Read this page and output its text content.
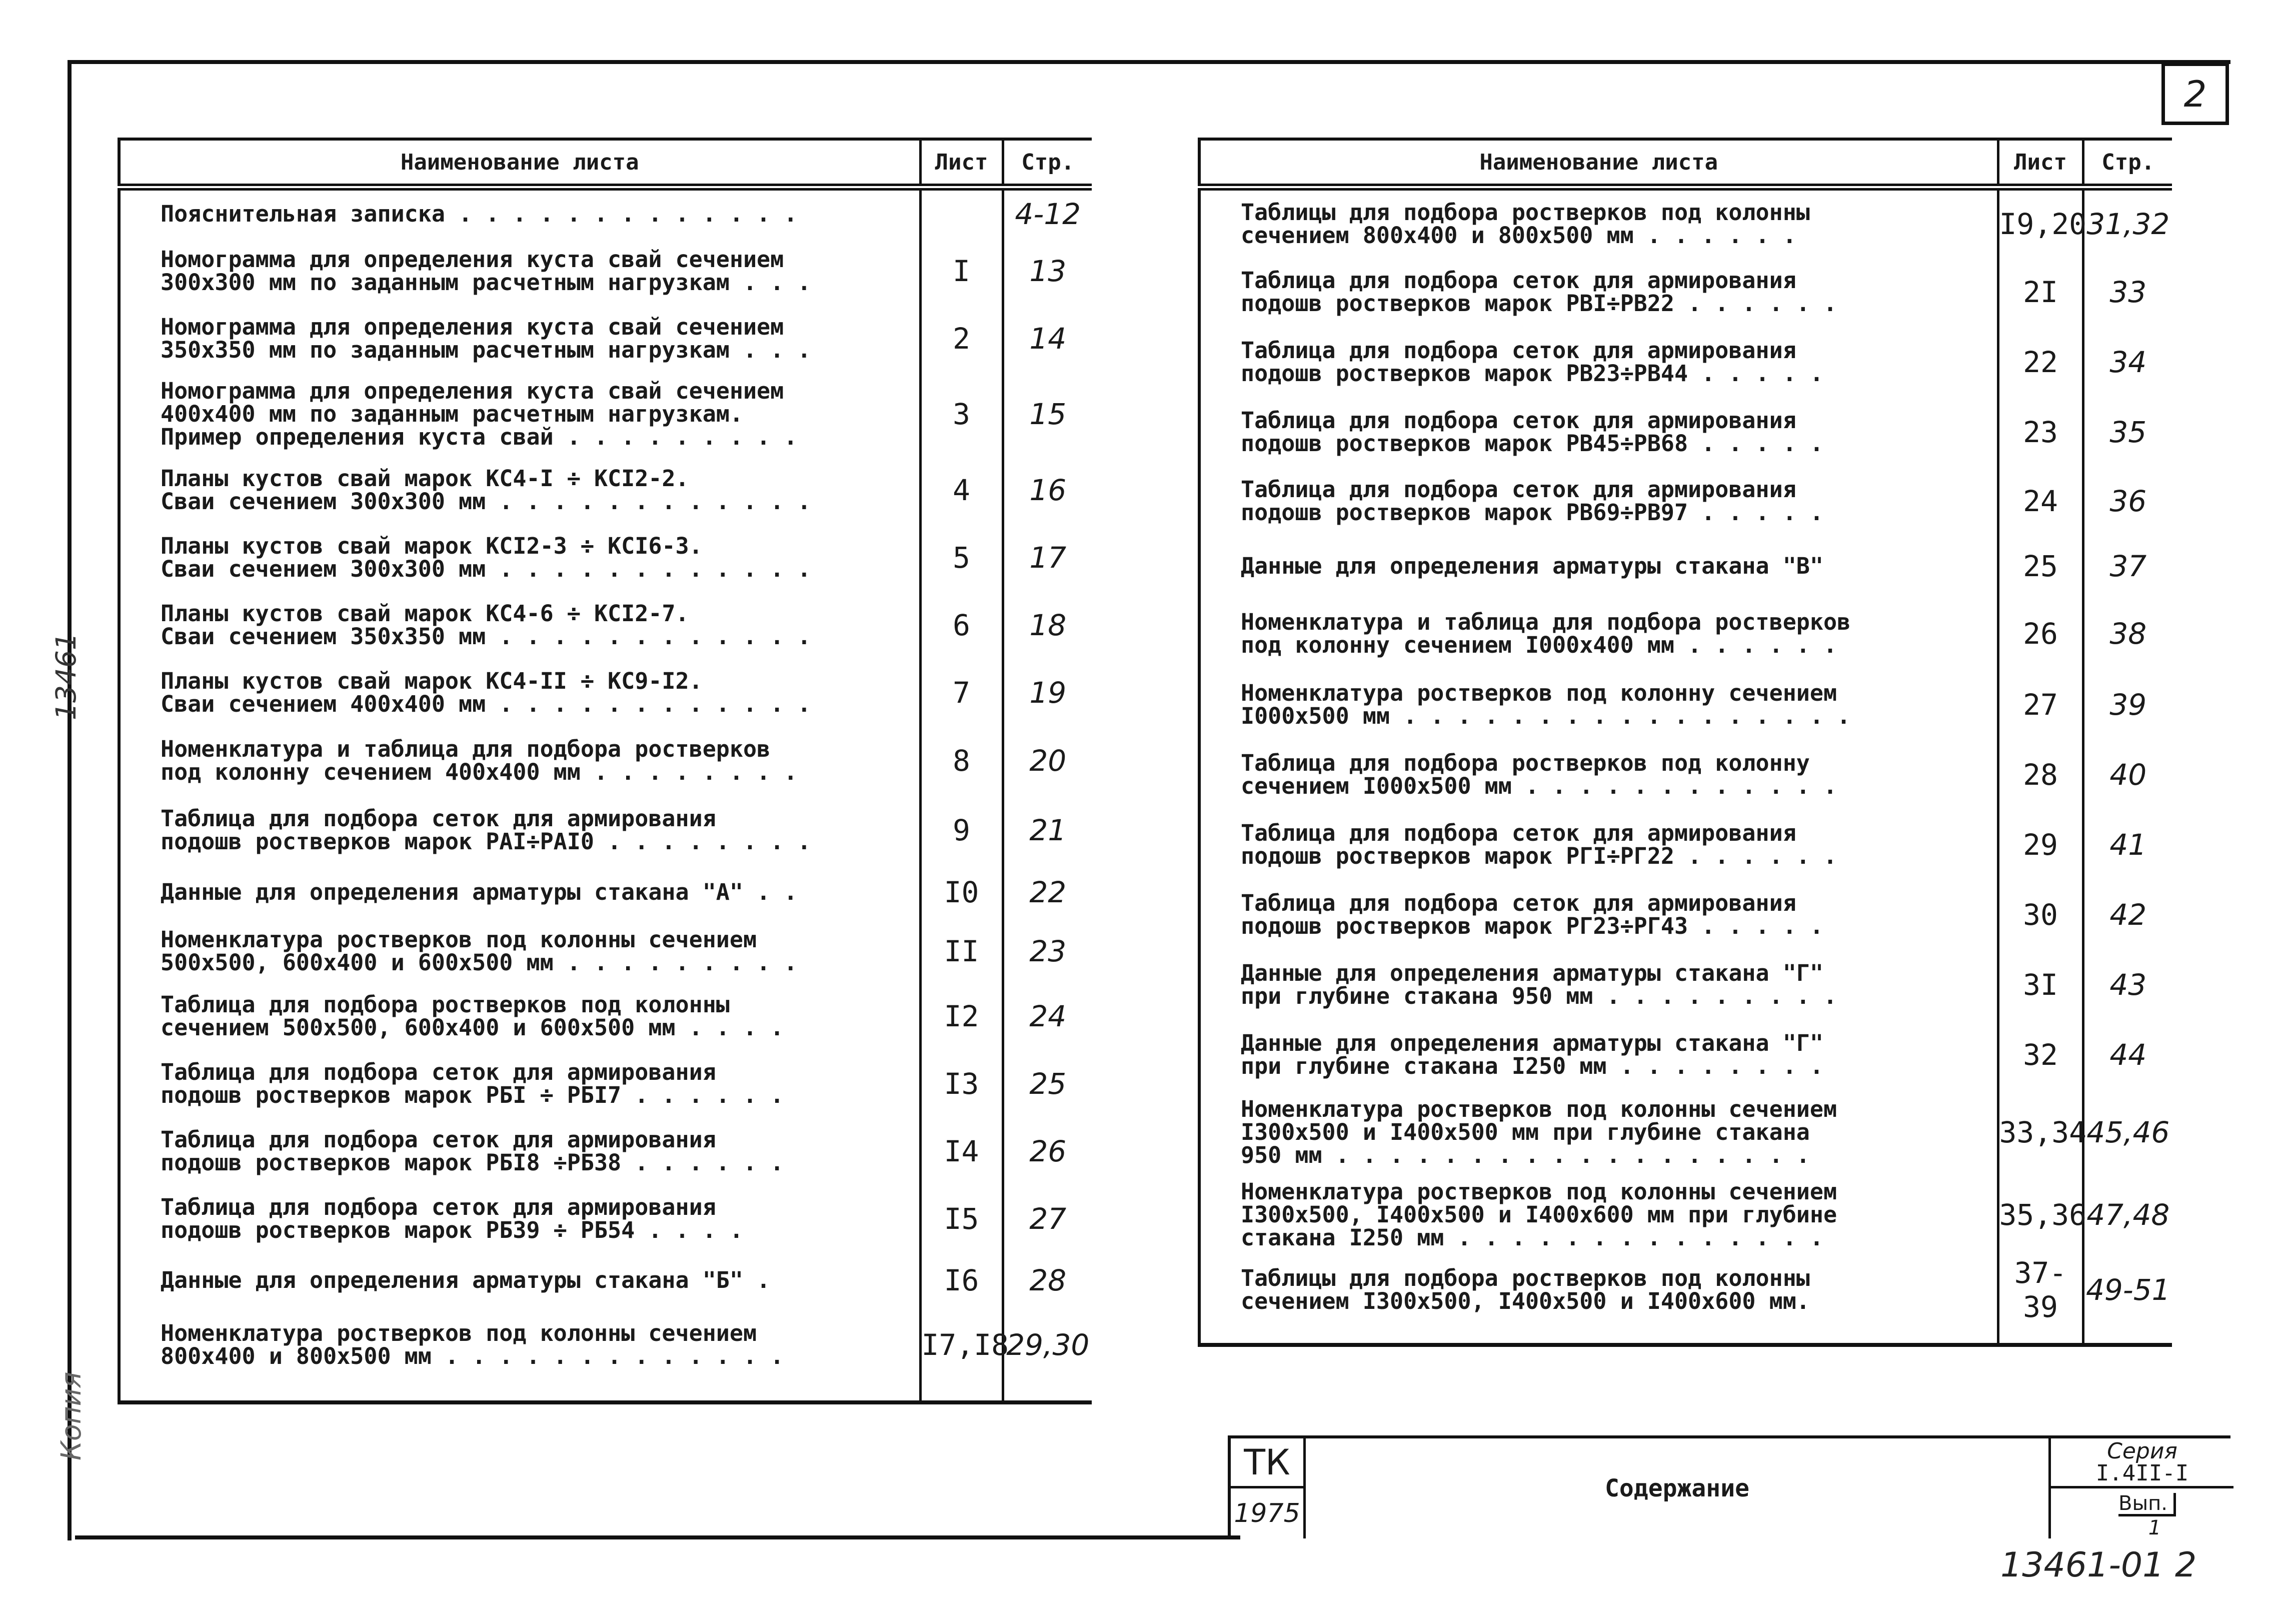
2
13461
Копия
Наименование листа	Лист	Стр.
Пояснительная записка . . . . . . . . . . . . .		4-12
Номограмма для определения куста свай сечением
300х300 мм по заданным расчетным нагрузкам . . .	I	13
Номограмма для определения куста свай сечением
350х350 мм по заданным расчетным нагрузкам . . .	2	14
Номограмма для определения куста свай сечением
400х400 мм по заданным расчетным нагрузкам.
Пример определения куста свай . . . . . . . . .	3	15
Планы кустов свай марок КС4-I ÷ КСI2-2.
Сваи сечением 300х300 мм . . . . . . . . . . . .	4	16
Планы кустов свай марок КСI2-3 ÷ КСI6-3.
Сваи сечением 300х300 мм . . . . . . . . . . . .	5	17
Планы кустов свай марок КС4-6 ÷ КСI2-7.
Сваи сечением 350х350 мм . . . . . . . . . . . .	6	18
Планы кустов свай марок КС4-II ÷ КС9-I2.
Сваи сечением 400х400 мм . . . . . . . . . . . .	7	19
Номенклатура и таблица для подбора ростверков
под колонну сечением 400х400 мм . . . . . . . .	8	20
Таблица для подбора сеток для армирования
подошв ростверков марок PAI÷PAI0 . . . . . . . .	9	21
Данные для определения арматуры стакана "А" . .	I0	22
Номенклатура ростверков под колонны сечением
500х500, 600х400 и 600х500 мм . . . . . . . . .	II	23
Таблица для подбора ростверков под колонны
сечением 500х500, 600х400 и 600х500 мм . . . .	I2	24
Таблица для подбора сеток для армирования
подошв ростверков марок РБI ÷ РБI7 . . . . . .	I3	25
Таблица для подбора сеток для армирования
подошв ростверков марок РБI8 ÷РБ38 . . . . . .	I4	26
Таблица для подбора сеток для армирования
подошв ростверков марок РБ39 ÷ РБ54 . . . .	I5	27
Данные для определения арматуры стакана "Б" .	I6	28
Номенклатура ростверков под колонны сечением
800х400 и 800х500 мм . . . . . . . . . . . . .	I7,I8	29,30

Наименование листа	Лист	Стр.
Таблицы для подбора ростверков под колонны
сечением 800х400 и 800х500 мм . . . . . .	I9,20	31,32
Таблица для подбора сеток для армирования
подошв ростверков марок PBI÷PB22 . . . . . .	2I	33
Таблица для подбора сеток для армирования
подошв ростверков марок PB23÷PB44 . . . . .	22	34
Таблица для подбора сеток для армирования
подошв ростверков марок PB45÷PB68 . . . . .	23	35
Таблица для подбора сеток для армирования
подошв ростверков марок PB69÷PB97 . . . . .	24	36
Данные для определения арматуры стакана "В"	25	37
Номенклатура и таблица для подбора ростверков
под колонну сечением I000х400 мм . . . . . .	26	38
Номенклатура ростверков под колонну сечением
I000х500 мм . . . . . . . . . . . . . . . . .	27	39
Таблица для подбора ростверков под колонну
сечением I000х500 мм . . . . . . . . . . . .	28	40
Таблица для подбора сеток для армирования
подошв ростверков марок PГI÷PГ22 . . . . . .	29	41
Таблица для подбора сеток для армирования
подошв ростверков марок PГ23÷PГ43 . . . . .	30	42
Данные для определения арматуры стакана "Г"
при глубине стакана 950 мм . . . . . . . . .	3I	43
Данные для определения арматуры стакана "Г"
при глубине стакана I250 мм . . . . . . . .	32	44
Номенклатура ростверков под колонны сечением
I300х500 и I400х500 мм при глубине стакана
950 мм . . . . . . . . . . . . . . . . . .	33,34	45,46
Номенклатура ростверков под колонны сечением
I300х500, I400х500 и I400х600 мм при глубине
стакана I250 мм . . . . . . . . . . . . . .	35,36	47,48
Таблицы для подбора ростверков под колонны
сечением I300х500, I400х500 и I400х600 мм.	37-39	49-51

ТК
1975
Содержание
Серия
I.4II-I
Вып.
1
13461-01 2
